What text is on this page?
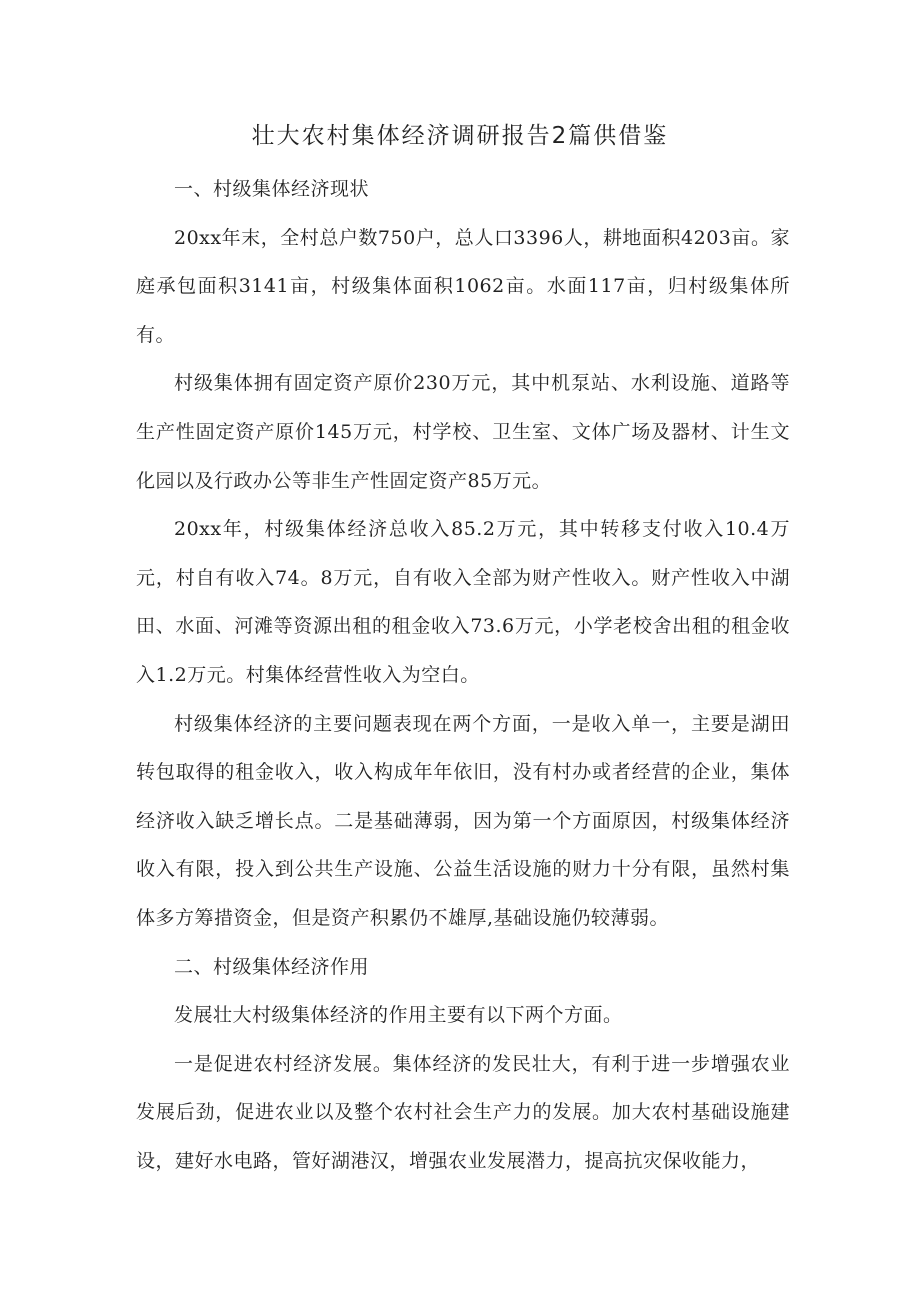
壮大农村集体经济调研报告2篇供借鉴

一、村级集体经济现状

20xx年末，全村总户数750户，总人口3396人，耕地面积4203亩。家庭承包面积3141亩，村级集体面积1062亩。水面117亩，归村级集体所有。

村级集体拥有固定资产原价230万元，其中机泵站、水利设施、道路等生产性固定资产原价145万元，村学校、卫生室、文体广场及器材、计生文化园以及行政办公等非生产性固定资产85万元。

20xx年，村级集体经济总收入85.2万元，其中转移支付收入10.4万元，村自有收入74。8万元，自有收入全部为财产性收入。财产性收入中湖田、水面、河滩等资源出租的租金收入73.6万元，小学老校舍出租的租金收入1.2万元。村集体经营性收入为空白。

村级集体经济的主要问题表现在两个方面，一是收入单一，主要是湖田转包取得的租金收入，收入构成年年依旧，没有村办或者经营的企业，集体经济收入缺乏增长点。二是基础薄弱，因为第一个方面原因，村级集体经济收入有限，投入到公共生产设施、公益生活设施的财力十分有限，虽然村集体多方筹措资金，但是资产积累仍不雄厚,基础设施仍较薄弱。

二、村级集体经济作用

发展壮大村级集体经济的作用主要有以下两个方面。

一是促进农村经济发展。集体经济的发民壮大，有利于进一步增强农业发展后劲，促进农业以及整个农村社会生产力的发展。加大农村基础设施建设，建好水电路，管好湖港汉，增强农业发展潜力，提高抗灾保收能力，
